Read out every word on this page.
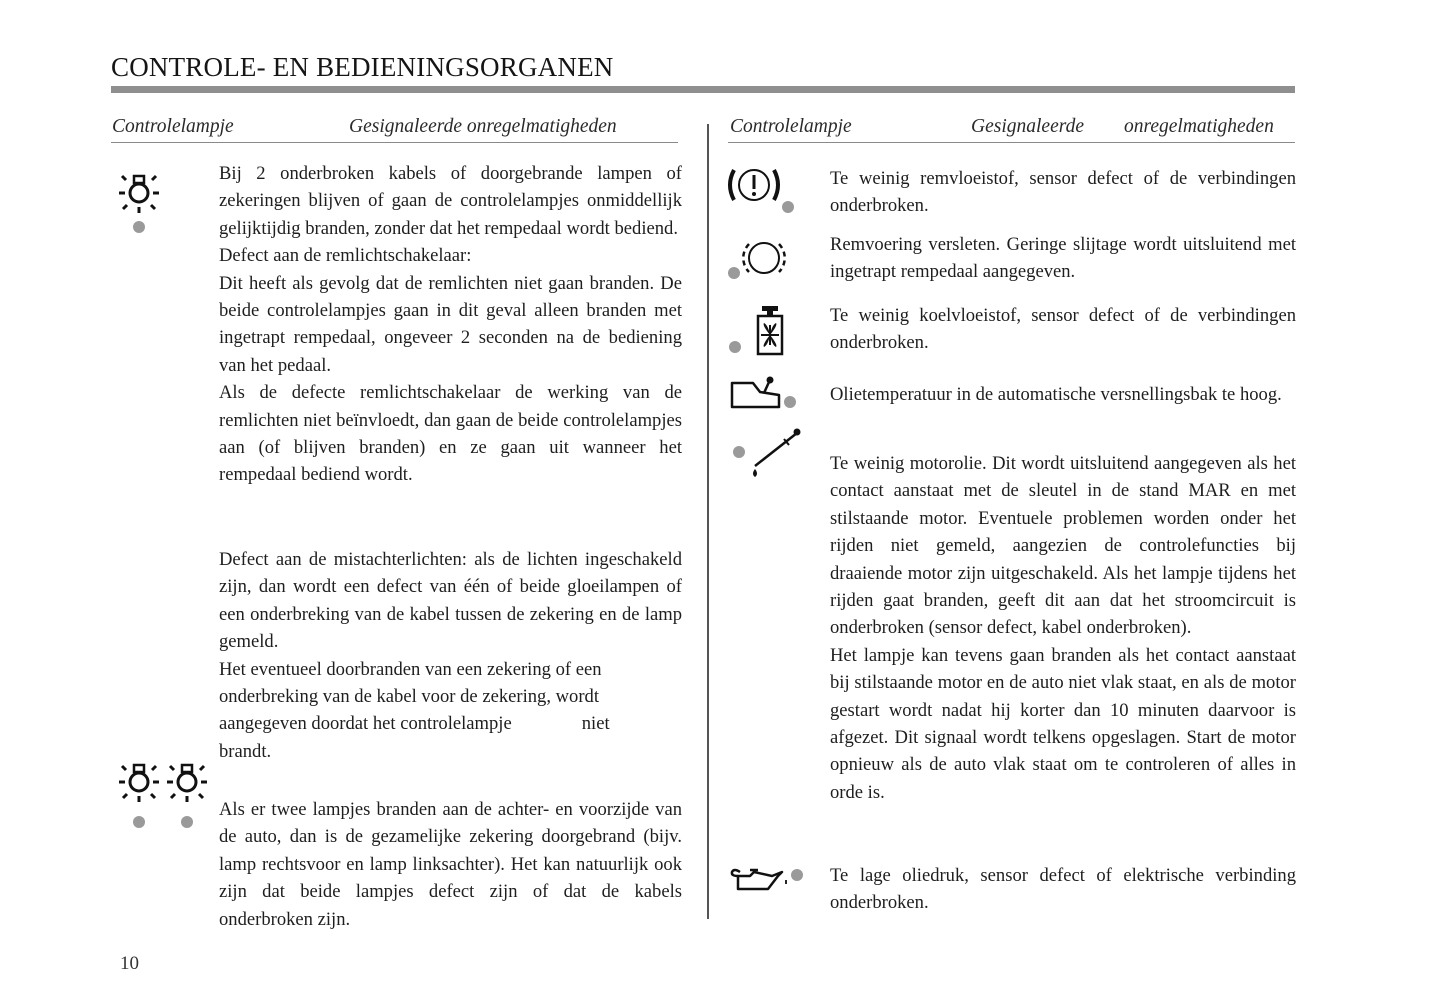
CONTROLE- EN BEDIENINGSORGANEN
Controlelampje	Gesignaleerde onregelmatigheden

Bij 2 onderbroken kabels of doorgebrande lampen of zekeringen blijven of gaan de controlelampjes onmiddellijk gelijktijdig branden, zonder dat het rempedaal wordt bediend.

Defect aan de remlichtschakelaar:

Dit heeft als gevolg dat de remlichten niet gaan branden. De beide controlelampjes gaan in dit geval alleen branden met ingetrapt rempedaal, ongeveer 2 seconden na de bediening van het pedaal.

Als de defecte remlichtschakelaar de werking van de remlichten niet beïnvloedt, dan gaan de beide controlelampjes aan (of blijven branden) en ze gaan uit wanneer het rempedaal bediend wordt.

Defect aan de mistachterlichten: als de lichten ingeschakeld zijn, dan wordt een defect van één of beide gloeilampen of een onderbreking van de kabel tussen de zekering en de lamp gemeld.

Het eventueel doorbranden van een zekering of een onderbreking van de kabel voor de zekering, wordt aangegeven doordat het controlelampje	niet

brandt.

Als er twee lampjes branden aan de achter- en voorzijde van de auto, dan is de gezamelijke zekering doorgebrand (bijv. lamp rechtsvoor en lamp linksachter). Het kan natuurlijk ook zijn dat beide lampjes defect zijn of dat de kabels onderbroken zijn.

10
Controlelampje	Gesignaleerde onregelmatigheden
Te weinig remvloeistof, sensor defect of de verbindingen onderbroken.
Remvoering versleten. Geringe slijtage wordt uitsluitend met ingetrapt rempedaal aangegeven.
Te weinig koelvloeistof, sensor defect of de verbindingen onderbroken.
Olietemperatuur in de automatische versnellingsbak te hoog.

Te weinig motorolie. Dit wordt uitsluitend aangegeven als het contact aanstaat met de sleutel in de stand MAR en met stilstaande motor. Eventuele problemen worden onder het rijden niet gemeld, aangezien de controlefuncties bij draaiende motor zijn uitgeschakeld. Als het lampje tijdens het rijden gaat branden, geeft dit aan dat het stroomcircuit is onderbroken (sensor defect, kabel onderbroken).

Het lampje kan tevens gaan branden als het contact aanstaat bij stilstaande motor en de auto niet vlak staat, en als de motor gestart wordt nadat hij korter dan 10 minuten daarvoor is afgezet. Dit signaal wordt telkens opgeslagen. Start de motor opnieuw als de auto vlak staat om te controleren of alles in orde is.

Te lage oliedruk, sensor defect of elektrische verbinding onderbroken.
